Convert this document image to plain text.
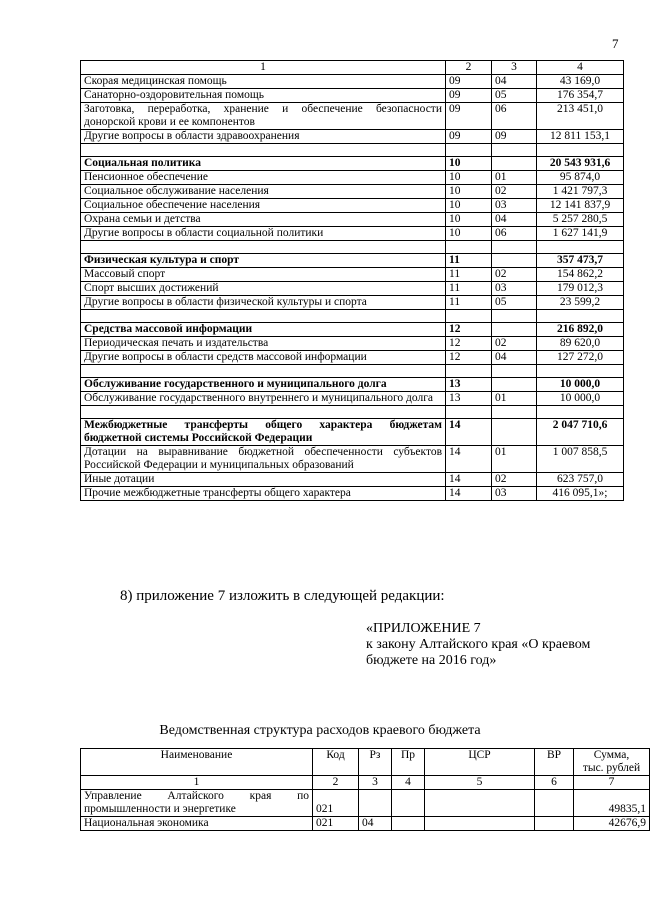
7
1	2	3	4
Скорая медицинская помощь	09	04	43 169,0
Санаторно-оздоровительная помощь	09	05	176 354,7
Заготовка, переработка, хранение и обеспечение безопасности донорской крови и ее компонентов	09	06	213 451,0
Другие вопросы в области здравоохранения	09	09	12 811 153,1

Социальная политика	10		20 543 931,6
Пенсионное обеспечение	10	01	95 874,0
Социальное обслуживание населения	10	02	1 421 797,3
Социальное обеспечение населения	10	03	12 141 837,9
Охрана семьи и детства	10	04	5 257 280,5
Другие вопросы в области социальной политики	10	06	1 627 141,9

Физическая культура и спорт	11		357 473,7
Массовый спорт	11	02	154 862,2
Спорт высших достижений	11	03	179 012,3
Другие вопросы в области физической культуры и спорта	11	05	23 599,2

Средства массовой информации	12		216 892,0
Периодическая печать и издательства	12	02	89 620,0
Другие вопросы в области средств массовой информации	12	04	127 272,0

Обслуживание государственного и муниципального долга	13		10 000,0
Обслуживание государственного внутреннего и муниципального долга	13	01	10 000,0

Межбюджетные трансферты общего характера бюджетам бюджетной системы Российской Федерации	14		2 047 710,6
Дотации на выравнивание бюджетной обеспеченности субъектов Российской Федерации и муниципальных образований	14	01	1 007 858,5
Иные дотации	14	02	623 757,0
Прочие межбюджетные трансферты общего характера	14	03	416 095,1»;
8) приложение 7 изложить в следующей редакции:
«ПРИЛОЖЕНИЕ 7
к закону Алтайского края «О краевом
бюджете на 2016 год»
Ведомственная структура расходов краевого бюджета
Наименование	Код	Рз	Пр	ЦСР	ВР	Сумма,
тыс. рублей

1	2	3	4	5	6	7
Управление Алтайского края по промышленности и энергетике	021					49835,1
Национальная экономика	021	04				42676,9
